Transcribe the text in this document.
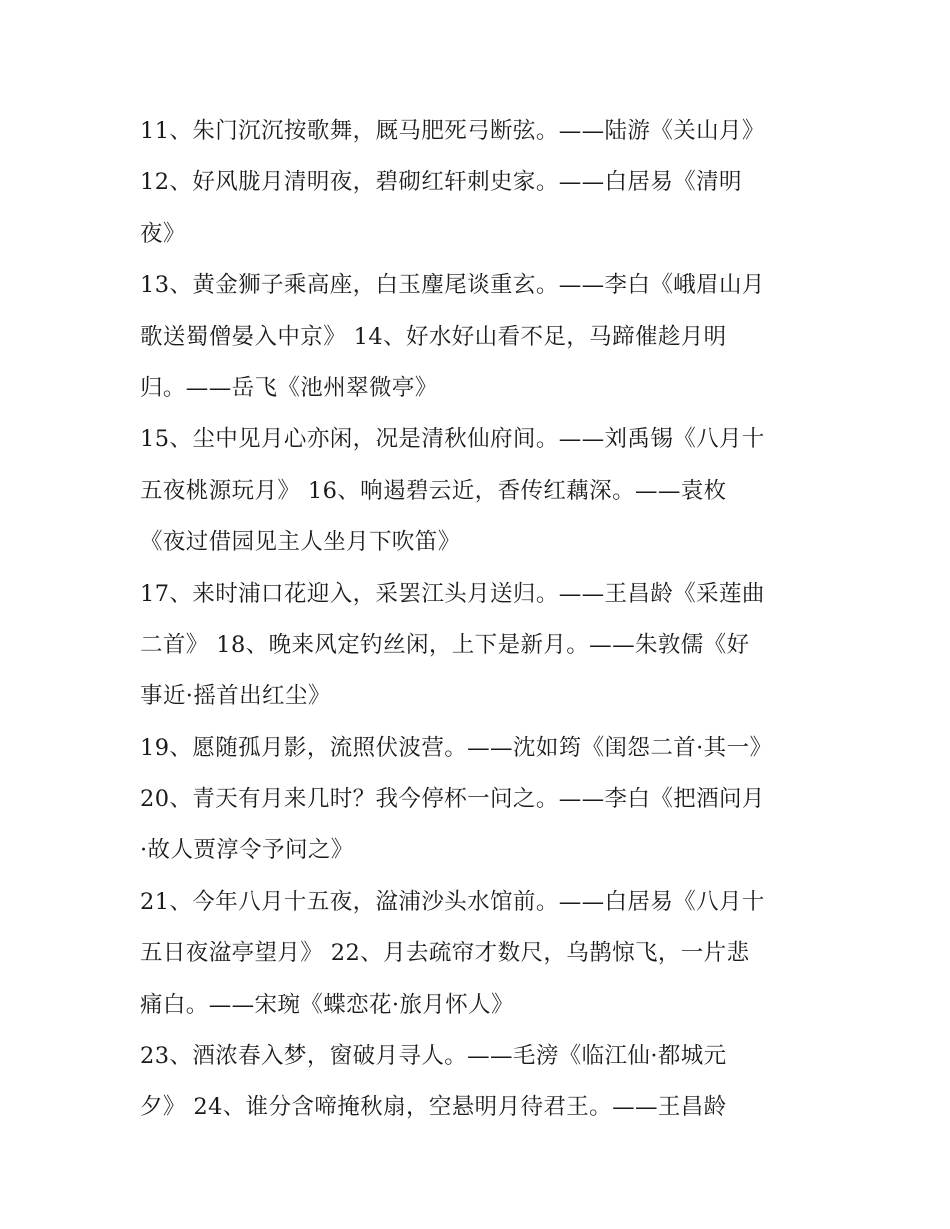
11、朱门沉沉按歌舞，厩马肥死弓断弦。——陆游《关山月》
12、好风胧月清明夜，碧砌红轩刺史家。——白居易《清明
夜》
13、黄金狮子乘高座，白玉麈尾谈重玄。——李白《峨眉山月
歌送蜀僧晏入中京》 14、好水好山看不足，马蹄催趁月明
归。——岳飞《池州翠微亭》
15、尘中见月心亦闲，况是清秋仙府间。——刘禹锡《八月十
五夜桃源玩月》 16、响遏碧云近，香传红藕深。——袁枚
《夜过借园见主人坐月下吹笛》
17、来时浦口花迎入，采罢江头月送归。——王昌龄《采莲曲
二首》 18、晚来风定钓丝闲，上下是新月。——朱敦儒《好
事近·摇首出红尘》
19、愿随孤月影，流照伏波营。——沈如筠《闺怨二首·其一》
20、青天有月来几时？我今停杯一问之。——李白《把酒问月
·故人贾淳令予问之》
21、今年八月十五夜，湓浦沙头水馆前。——白居易《八月十
五日夜湓亭望月》 22、月去疏帘才数尺，乌鹊惊飞，一片悲
痛白。——宋琬《蝶恋花·旅月怀人》
23、酒浓春入梦，窗破月寻人。——毛滂《临江仙·都城元
夕》 24、谁分含啼掩秋扇，空悬明月待君王。——王昌龄
